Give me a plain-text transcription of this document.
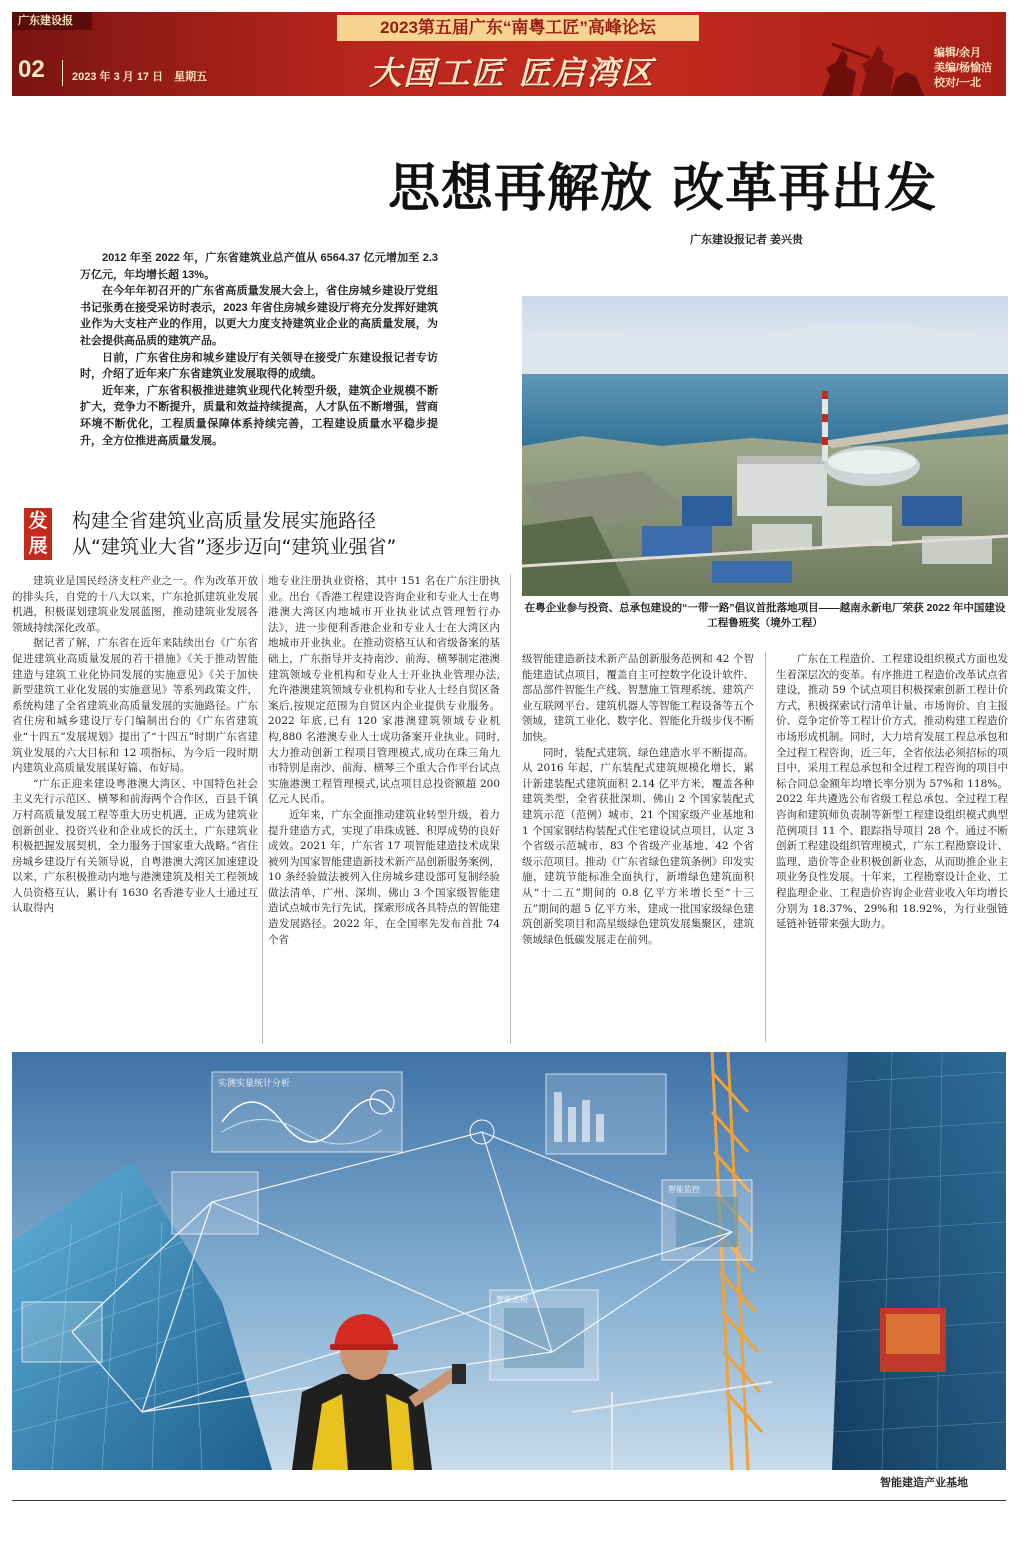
广东建设报
02 2023 年 3 月 17 日　星期五
2023第五届广东“南粤工匠”高峰论坛
大国工匠 匠启湾区
编辑/余月
美编/杨愉洁
校对/一北
思想再解放 改革再出发
广东建设报记者 姜兴贵

2012 年至 2022 年，广东省建筑业总产值从 6564.37 亿元增加至 2.3 万亿元，年均增长超 13%。

在今年年初召开的广东省高质量发展大会上，省住房城乡建设厅党组书记张勇在接受采访时表示，2023 年省住房城乡建设厅将充分发挥好建筑业作为大支柱产业的作用，以更大力度支持建筑业企业的高质量发展，为社会提供高品质的建筑产品。

日前，广东省住房和城乡建设厅有关领导在接受广东建设报记者专访时，介绍了近年来广东省建筑业发展取得的成绩。

近年来，广东省积极推进建筑业现代化转型升级，建筑企业规模不断扩大，竞争力不断提升，质量和效益持续提高，人才队伍不断增强，营商环境不断优化，工程质量保障体系持续完善，工程建设质量水平稳步提升，全方位推进高质量发展。

在粤企业参与投资、总承包建设的“一带一路”倡议首批落地项目——越南永新电厂荣获 2022 年中国建设工程鲁班奖（境外工程）
发展
构建全省建筑业高质量发展实施路径
从“建筑业大省”逐步迈向“建筑业强省”

建筑业是国民经济支柱产业之一。作为改革开放的排头兵，自党的十八大以来，广东抢抓建筑业发展机遇，积极谋划建筑业发展蓝图，推动建筑业发展各领域持续深化改革。

据记者了解，广东省在近年来陆续出台《广东省促进建筑业高质量发展的若干措施》《关于推动智能建造与建筑工业化协同发展的实施意见》《关于加快新型建筑工业化发展的实施意见》等系列政策文件，系统构建了全省建筑业高质量发展的实施路径。广东省住房和城乡建设厅专门编制出台的《广东省建筑业“十四五”发展规划》提出了“十四五”时期广东省建筑业发展的六大目标和 12 项指标，为今后一段时期内建筑业高质量发展谋好篇、布好局。

“广东正迎来建设粤港澳大湾区、中国特色社会主义先行示范区、横琴和前海两个合作区，百县千镇万村高质量发展工程等重大历史机遇，正成为建筑业创新创业、投资兴业和企业成长的沃土，广东建筑业积极把握发展契机，全力服务于国家重大战略。”省住房城乡建设厅有关领导说，自粤港澳大湾区加速建设以来，广东积极推动内地与港澳建筑及相关工程领域人员资格互认，累计有 1630 名香港专业人士通过互认取得内

地专业注册执业资格，其中 151 名在广东注册执业。出台《香港工程建设咨询企业和专业人士在粤港澳大湾区内地城市开业执业试点管理暂行办法》，进一步便利香港企业和专业人士在大湾区内地城市开业执业。在推动资格互认和省级备案的基础上，广东指导并支持南沙、前海、横琴制定港澳建筑领域专业机构和专业人士开业执业管理办法,允许港澳建筑领域专业机构和专业人士经自贸区备案后,按规定范围为自贸区内企业提供专业服务。2022 年底,已有 120 家港澳建筑领域专业机构,880 名港澳专业人士成功备案开业执业。同时,大力推动创新工程项目管理模式,成功在珠三角九市特别是南沙、前海、横琴三个重大合作平台试点实施港澳工程管理模式,试点项目总投资额超 200 亿元人民币。

近年来，广东全面推动建筑业转型升级，着力提升建造方式，实现了串珠成链、积厚成势的良好成效。2021 年，广东省 17 项智能建造技术成果被列为国家智能建造新技术新产品创新服务案例，10 条经验做法被列入住房城乡建设部可复制经验做法清单，广州、深圳、佛山 3 个国家级智能建造试点城市先行先试，探索形成各具特点的智能建造发展路径。2022 年，在全国率先发布首批 74 个省

级智能建造新技术新产品创新服务范例和 42 个智能建造试点项目，覆盖自主可控数字化设计软件、部品部件智能生产线、智慧施工管理系统、建筑产业互联网平台、建筑机器人等智能工程设备等五个领域，建筑工业化、数字化、智能化升级步伐不断加快。

同时，装配式建筑、绿色建造水平不断提高。从 2016 年起，广东装配式建筑规模化增长，累计新建装配式建筑面积 2.14 亿平方米，覆盖各种建筑类型，全省获批深圳、佛山 2 个国家装配式建筑示范（范例）城市、21 个国家级产业基地和 1 个国家钢结构装配式住宅建设试点项目，认定 3 个省级示范城市、83 个省级产业基地、42 个省级示范项目。推动《广东省绿色建筑条例》印发实施，建筑节能标准全面执行，新增绿色建筑面积从“十二五”期间的 0.8 亿平方米增长至“十三五”期间的超 5 亿平方米，建成一批国家级绿色建筑创新奖项目和高星级绿色建筑发展集聚区，建筑领域绿色低碳发展走在前列。

广东在工程造价、工程建设组织模式方面也发生着深层次的变革。有序推进工程造价改革试点省建设，推动 59 个试点项目积极探索创新工程计价方式，积极探索试行清单计量、市场询价、自主报价、竞争定价等工程计价方式，推动构建工程造价市场形成机制。同时，大力培育发展工程总承包和全过程工程咨询，近三年，全省依法必须招标的项目中，采用工程总承包和全过程工程咨询的项目中标合同总金额年均增长率分别为 57%和 118%。2022 年共遴选公布省级工程总承包、全过程工程咨询和建筑师负责制等新型工程建设组织模式典型范例项目 11 个、跟踪指导项目 28 个。通过不断创新工程建设组织管理模式，广东工程勘察设计、监理、造价等企业积极创新业态，从而助推企业主项业务良性发展。十年来，工程勘察设计企业、工程监理企业、工程造价咨询企业营业收入年均增长分别为 18.37%、29%和 18.92%，为行业强链延链补链带来强大助力。

实测实量统计分析
智能监控
智能巡检
智能建造产业基地
